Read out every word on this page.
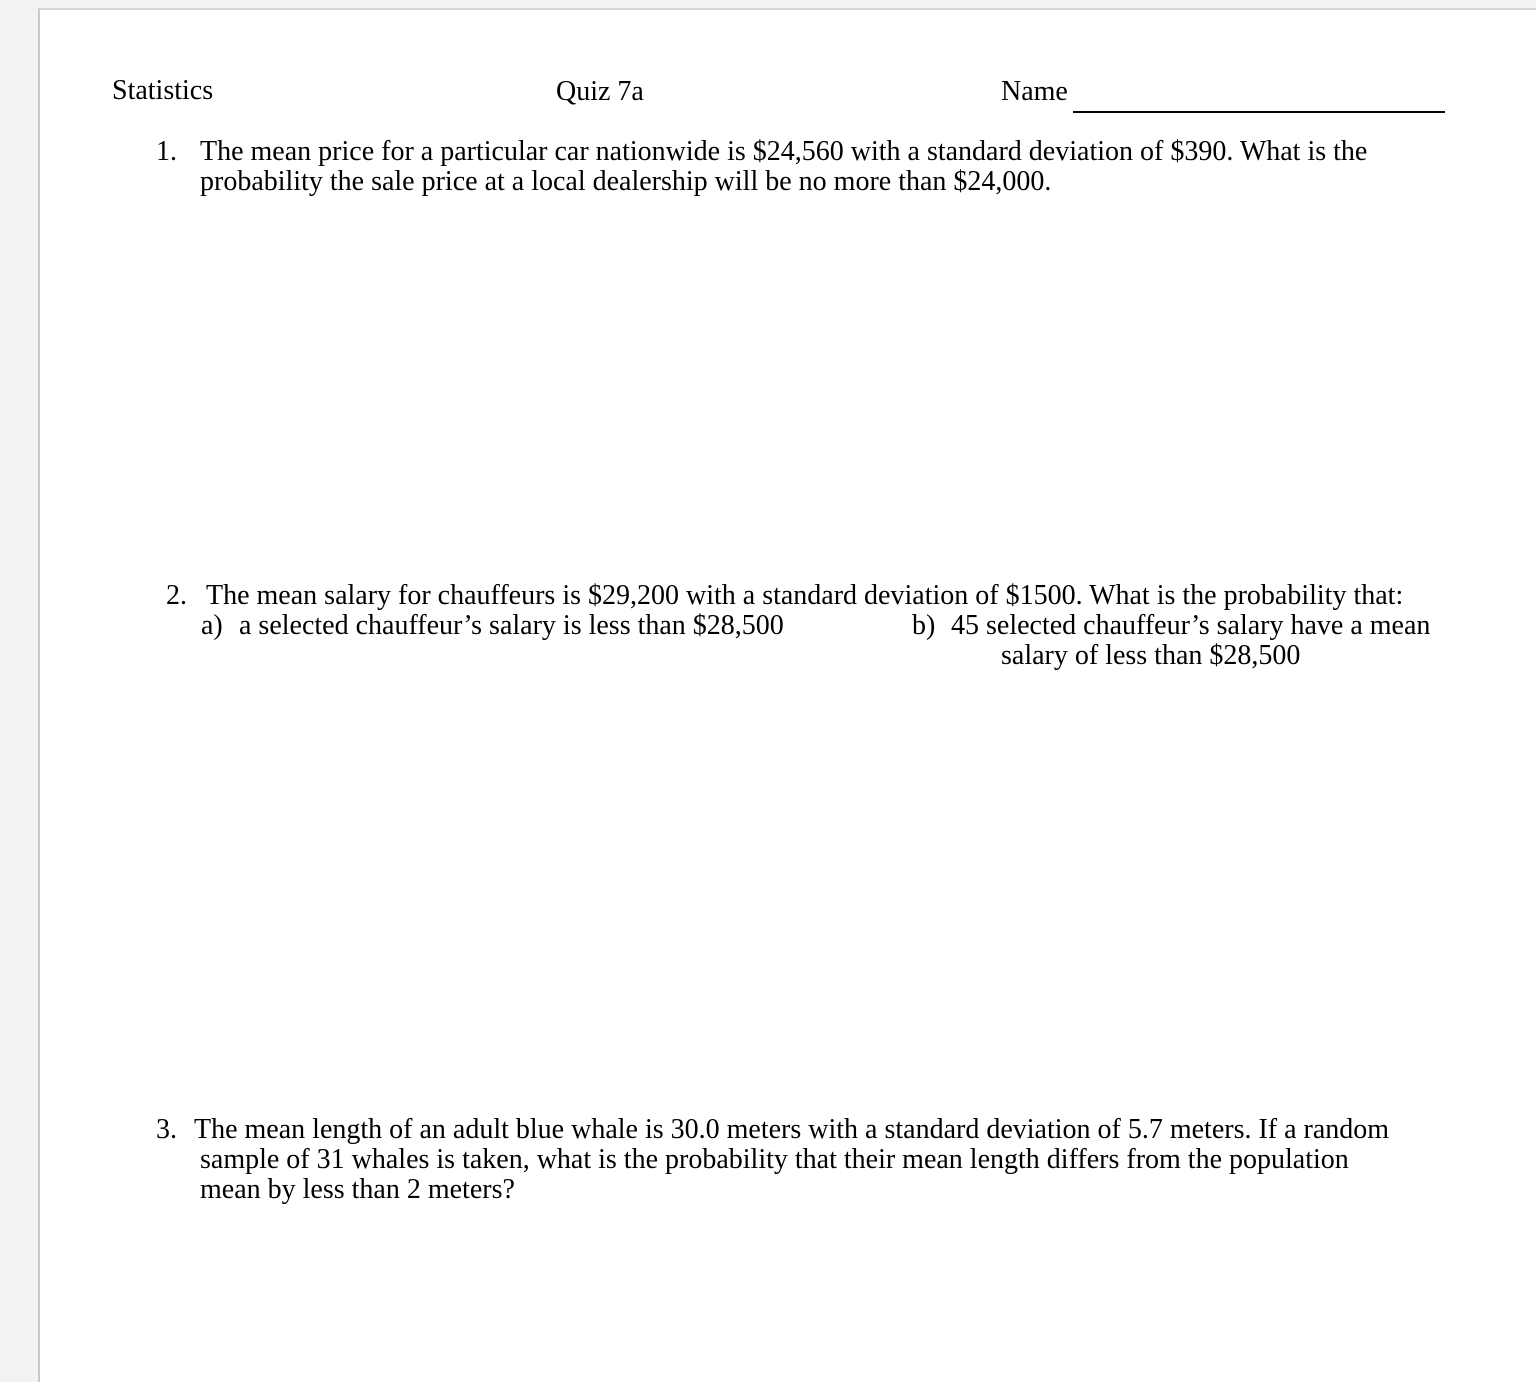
Statistics	Quiz 7a	Name
1. The mean price for a particular car nationwide is $24,560 with a standard deviation of $390. What is the
probability the sale price at a local dealership will be no more than $24,000.
2. The mean salary for chauffeurs is $29,200 with a standard deviation of $1500. What is the probability that:
a) a selected chauffeur’s salary is less than $28,500	b) 45 selected chauffeur’s salary have a mean
salary of less than $28,500
3. The mean length of an adult blue whale is 30.0 meters with a standard deviation of 5.7 meters. If a random
sample of 31 whales is taken, what is the probability that their mean length differs from the population
mean by less than 2 meters?
